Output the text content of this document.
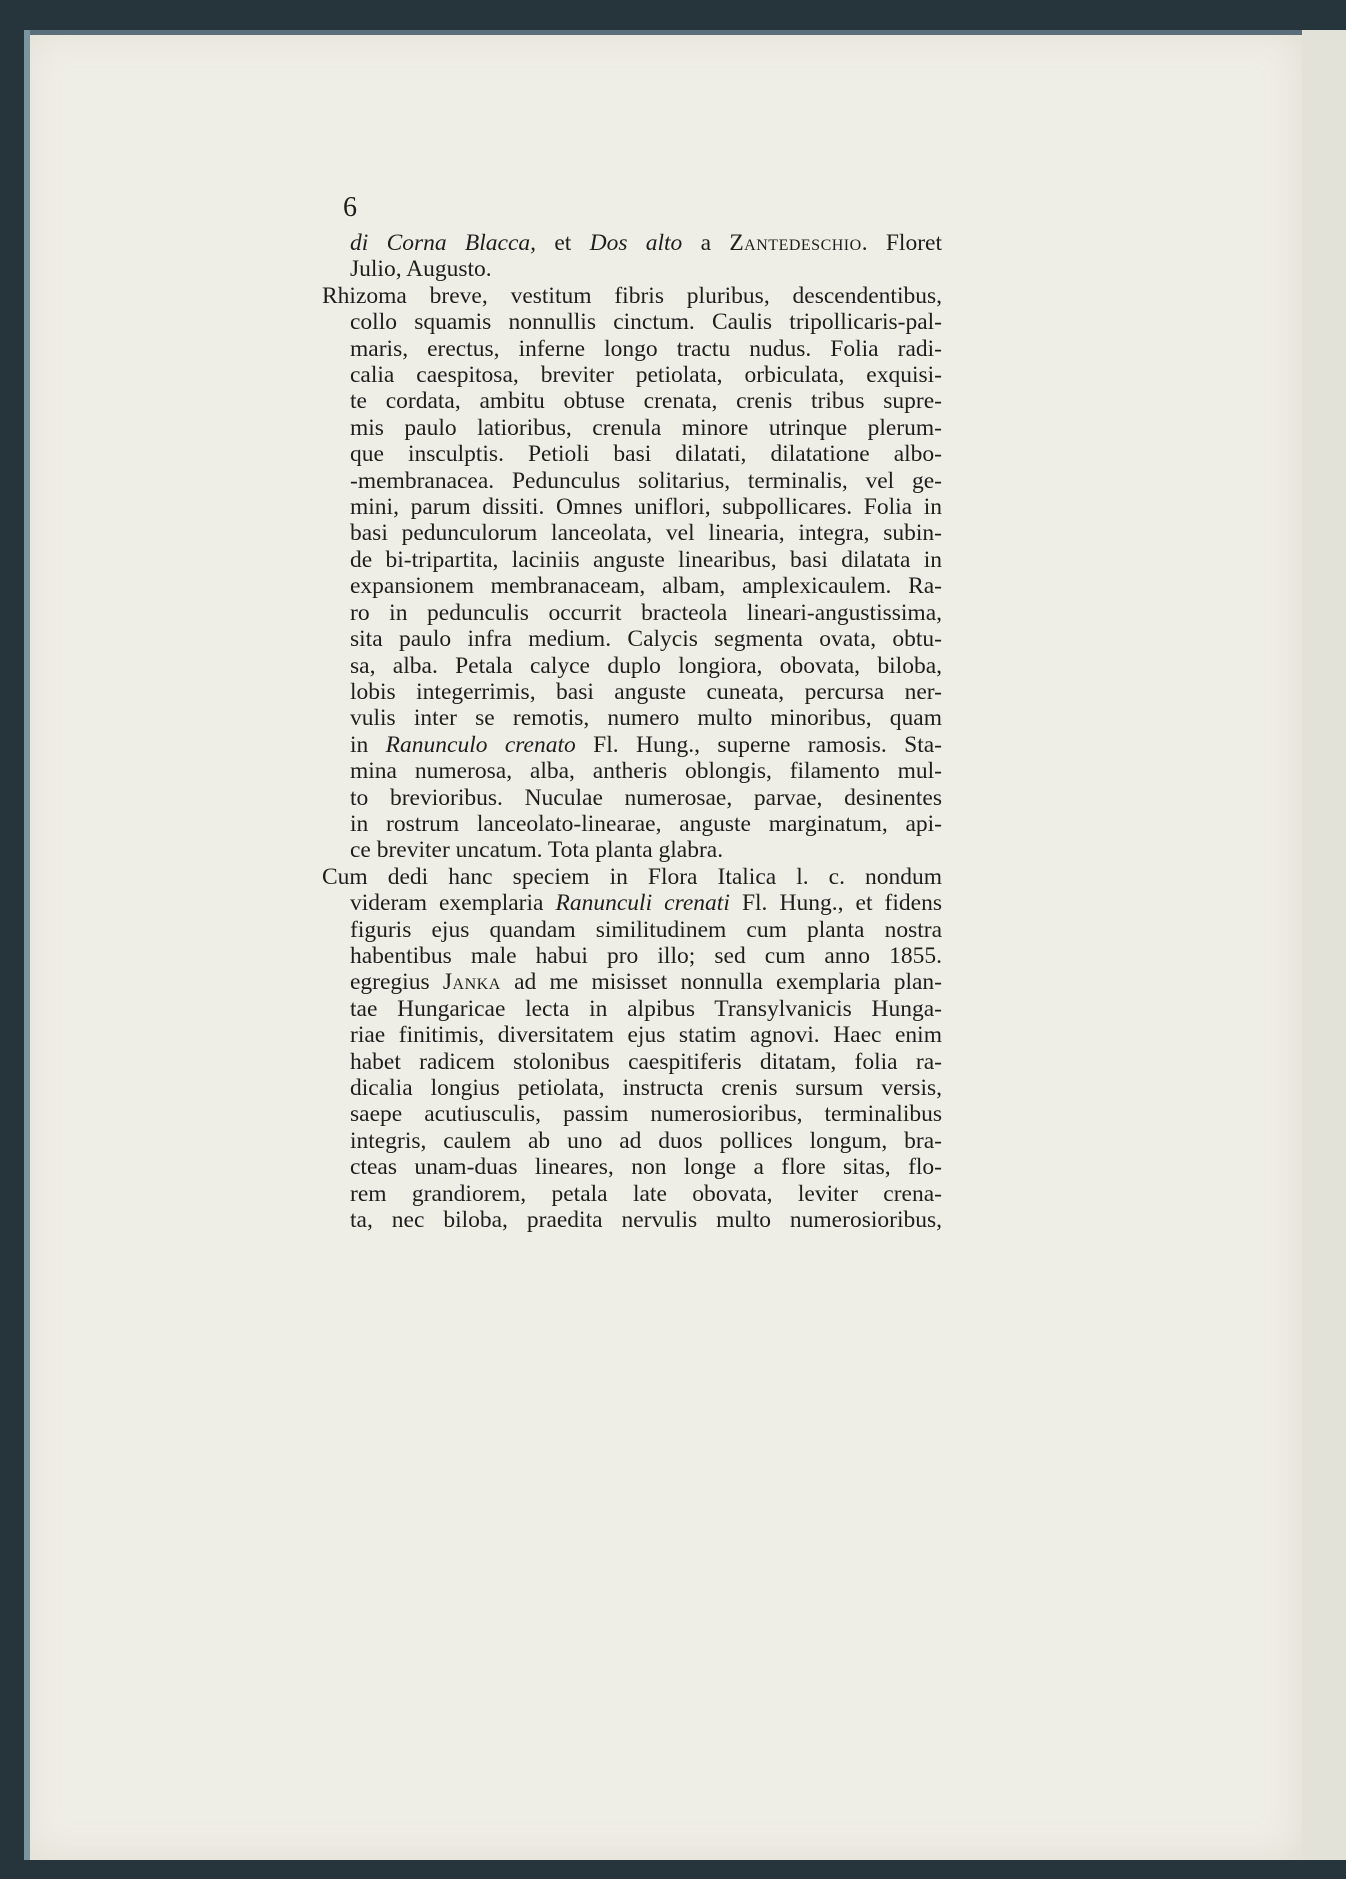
6
di Corna Blacca, et Dos alto a Zantedeschio. Floret
Julio, Augusto.
Rhizoma breve, vestitum fibris pluribus, descendentibus,
collo squamis nonnullis cinctum. Caulis tripollicaris-pal-
maris, erectus, inferne longo tractu nudus. Folia radi-
calia caespitosa, breviter petiolata, orbiculata, exquisi-
te cordata, ambitu obtuse crenata, crenis tribus supre-
mis paulo latioribus, crenula minore utrinque plerum-
que insculptis. Petioli basi dilatati, dilatatione albo-
-membranacea. Pedunculus solitarius, terminalis, vel ge-
mini, parum dissiti. Omnes uniflori, subpollicares. Folia in
basi pedunculorum lanceolata, vel linearia, integra, subin-
de bi-tripartita, laciniis anguste linearibus, basi dilatata in
expansionem membranaceam, albam, amplexicaulem. Ra-
ro in pedunculis occurrit bracteola lineari-angustissima,
sita paulo infra medium. Calycis segmenta ovata, obtu-
sa, alba. Petala calyce duplo longiora, obovata, biloba,
lobis integerrimis, basi anguste cuneata, percursa ner-
vulis inter se remotis, numero multo minoribus, quam
in Ranunculo crenato Fl. Hung., superne ramosis. Sta-
mina numerosa, alba, antheris oblongis, filamento mul-
to brevioribus. Nuculae numerosae, parvae, desinentes
in rostrum lanceolato-linearae, anguste marginatum, api-
ce breviter uncatum. Tota planta glabra.
Cum dedi hanc speciem in Flora Italica l. c. nondum
videram exemplaria Ranunculi crenati Fl. Hung., et fidens
figuris ejus quandam similitudinem cum planta nostra
habentibus male habui pro illo; sed cum anno 1855.
egregius Janka ad me misisset nonnulla exemplaria plan-
tae Hungaricae lecta in alpibus Transylvanicis Hunga-
riae finitimis, diversitatem ejus statim agnovi. Haec enim
habet radicem stolonibus caespitiferis ditatam, folia ra-
dicalia longius petiolata, instructa crenis sursum versis,
saepe acutiusculis, passim numerosioribus, terminalibus
integris, caulem ab uno ad duos pollices longum, bra-
cteas unam-duas lineares, non longe a flore sitas, flo-
rem grandiorem, petala late obovata, leviter crena-
ta, nec biloba, praedita nervulis multo numerosioribus,
